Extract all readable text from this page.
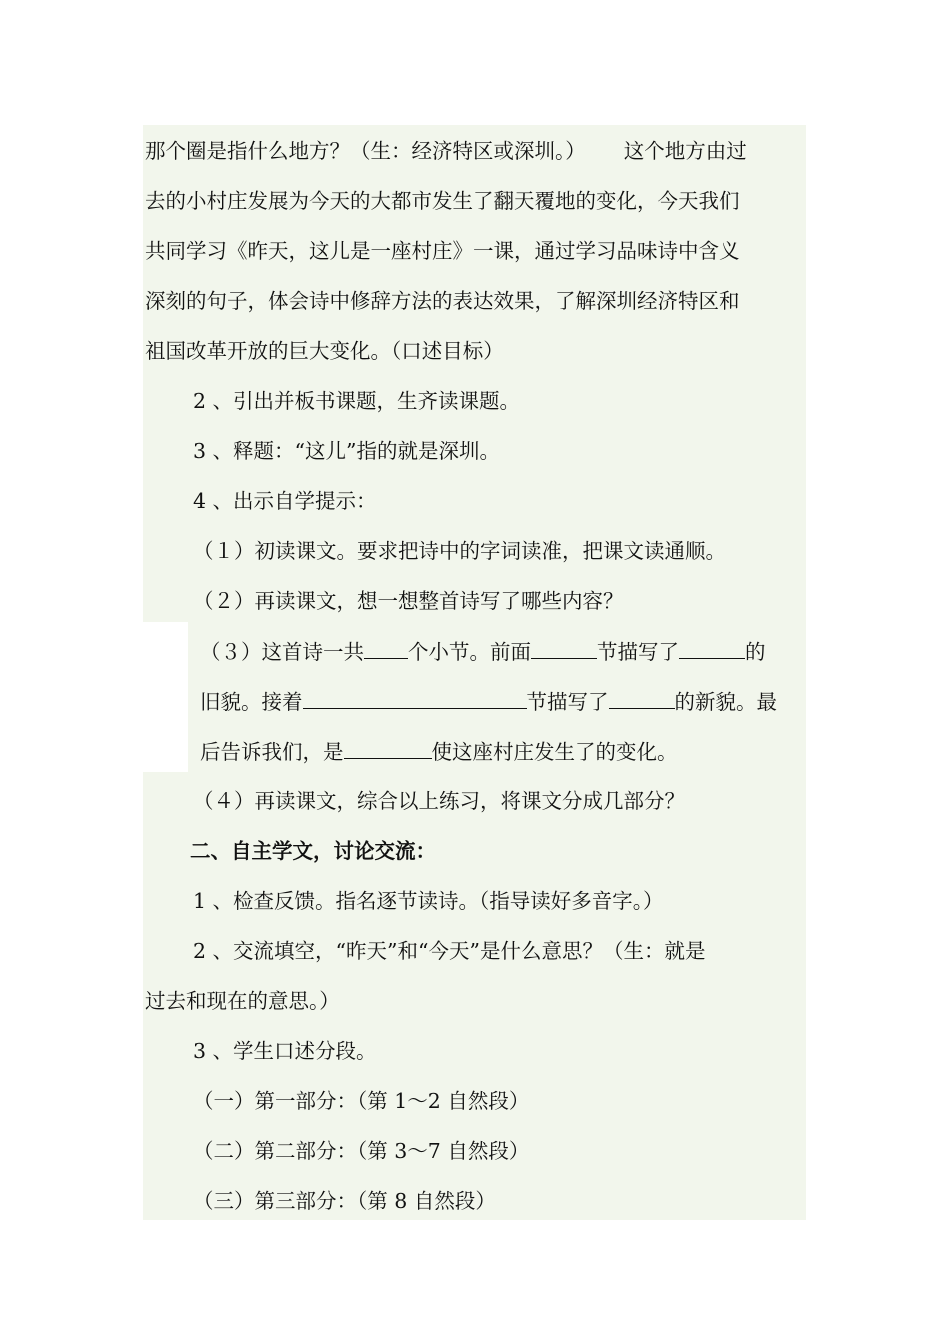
那个圈是指什么地方？（生：经济特区或深圳。） 这个地方由过
去的小村庄发展为今天的大都市发生了翻天覆地的变化，今天我们
共同学习《昨天，这儿是一座村庄》一课，通过学习品味诗中含义
深刻的句子，体会诗中修辞方法的表达效果，了解深圳经济特区和
祖国改革开放的巨大变化。（口述目标）
2 、引出并板书课题，生齐读课题。
3 、释题：“这儿”指的就是深圳。
4 、出示自学提示：
（１）初读课文。要求把诗中的字词读准，把课文读通顺。
（２）再读课文，想一想整首诗写了哪些内容？
（３）这首诗一共 个小节。前面	节描写了	的
旧貌。接着	节描写了	的新貌。最
后告诉我们，是	使这座村庄发生了的变化。
（４）再读课文，综合以上练习，将课文分成几部分？
二、自主学文，讨论交流：
1 、检查反馈。指名逐节读诗。（指导读好多音字。）
2 、交流填空，“昨天”和“今天”是什么意思？（生：就是
过去和现在的意思。）
3 、学生口述分段。
（一）第一部分：（第 1～2 自然段）
（二）第二部分：（第 3～7 自然段）
（三）第三部分：（第 8 自然段）
